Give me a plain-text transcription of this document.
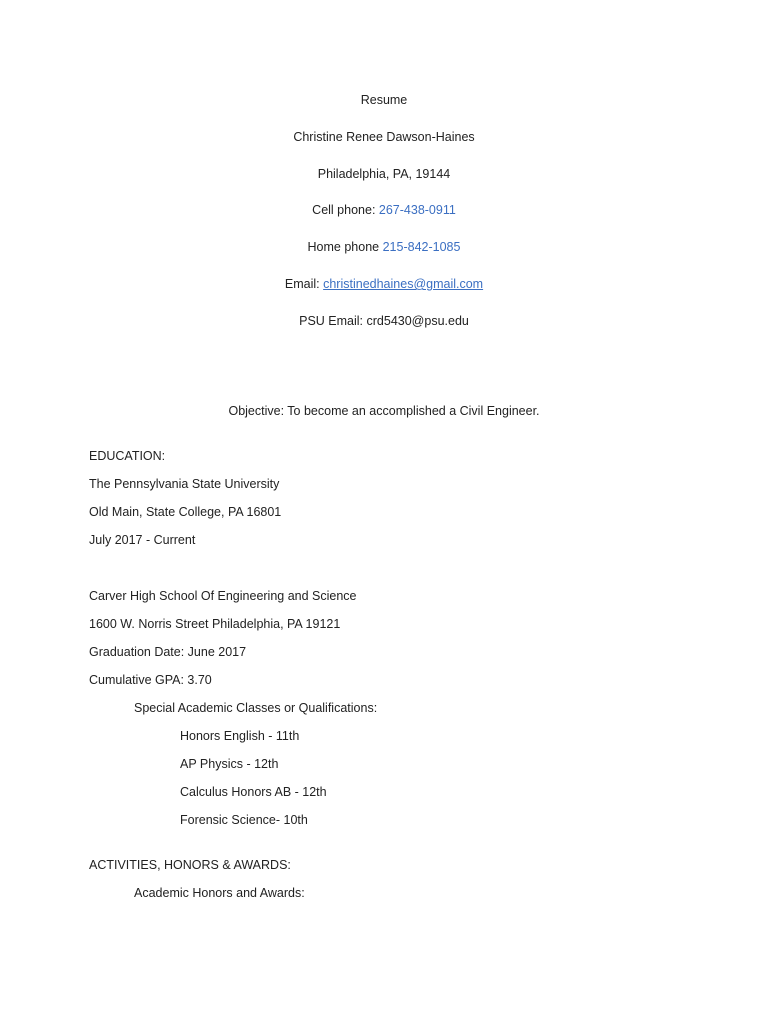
Resume
Christine Renee Dawson-Haines
Philadelphia, PA, 19144
Cell phone: 267-438-0911
Home phone 215-842-1085
Email: christinedhaines@gmail.com
PSU Email: crd5430@psu.edu
Objective: To become an accomplished a Civil Engineer.
EDUCATION:
The Pennsylvania State University
Old Main, State College, PA 16801
July 2017 - Current
Carver High School Of Engineering and Science
1600 W. Norris Street Philadelphia, PA 19121
Graduation Date: June 2017
Cumulative GPA: 3.70
Special Academic Classes or Qualifications:
Honors English - 11th
AP Physics - 12th
Calculus Honors AB - 12th
Forensic Science- 10th
ACTIVITIES, HONORS & AWARDS:
Academic Honors and Awards:
